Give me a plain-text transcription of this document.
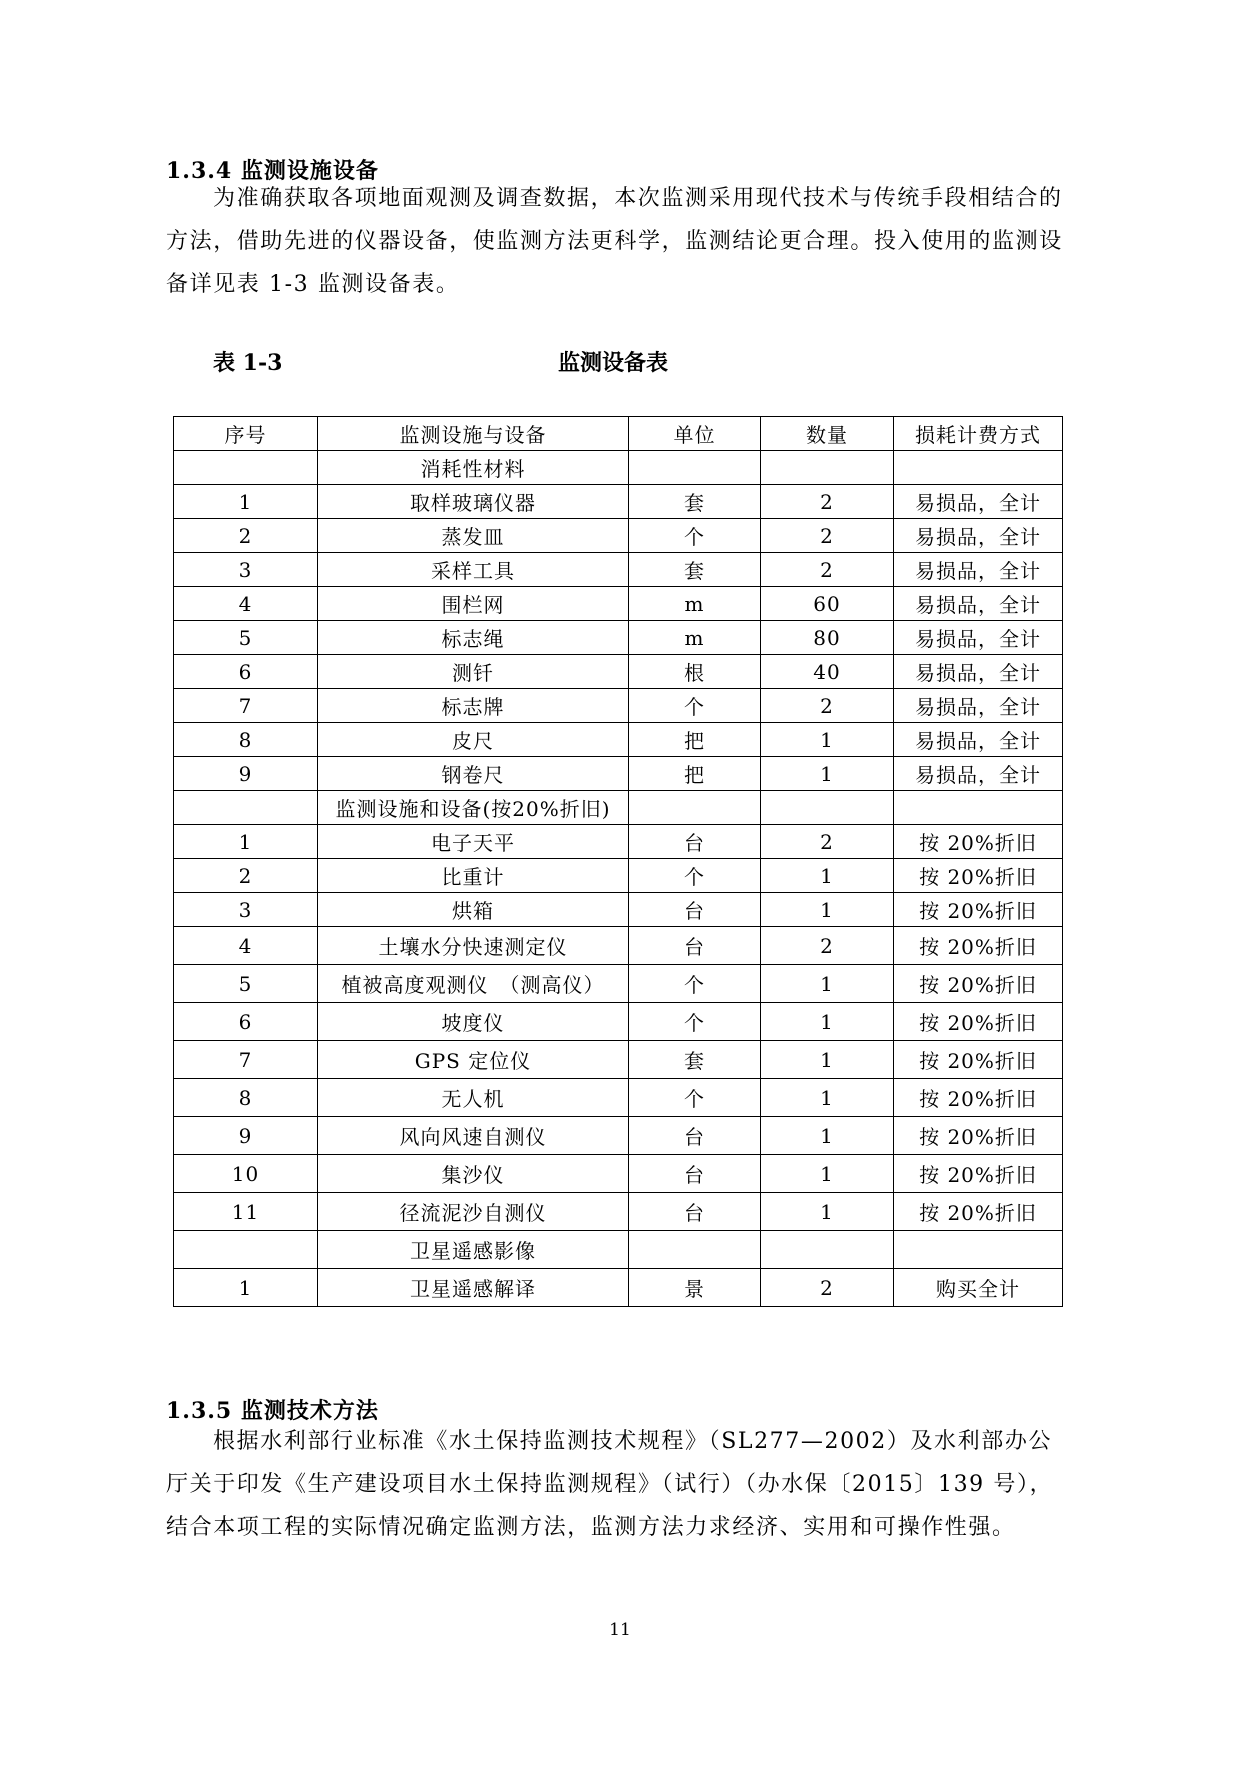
1.3.4 监测设施设备
为准确获取各项地面观测及调查数据，本次监测采用现代技术与传统手段相结合的方法，借助先进的仪器设备，使监测方法更科学，监测结论更合理。投入使用的监测设备详见表 1-3 监测设备表。
表 1-3	监测设备表
序号	监测设施与设备	单位	数量	损耗计费方式
	消耗性材料			
1	取样玻璃仪器	套	2	易损品，全计
2	蒸发皿	个	2	易损品，全计
3	采样工具	套	2	易损品，全计
4	围栏网	m	60	易损品，全计
5	标志绳	m	80	易损品，全计
6	测钎	根	40	易损品，全计
7	标志牌	个	2	易损品，全计
8	皮尺	把	1	易损品，全计
9	钢卷尺	把	1	易损品，全计
	监测设施和设备(按20%折旧)			
1	电子天平	台	2	按 20%折旧
2	比重计	个	1	按 20%折旧
3	烘箱	台	1	按 20%折旧
4	土壤水分快速测定仪	台	2	按 20%折旧
5	植被高度观测仪　（测高仪）	个	1	按 20%折旧
6	坡度仪	个	1	按 20%折旧
7	GPS 定位仪	套	1	按 20%折旧
8	无人机	个	1	按 20%折旧
9	风向风速自测仪	台	1	按 20%折旧
10	集沙仪	台	1	按 20%折旧
11	径流泥沙自测仪	台	1	按 20%折旧
	卫星遥感影像			
1	卫星遥感解译	景	2	购买全计
1.3.5 监测技术方法
根据水利部行业标准《水土保持监测技术规程》（SL277—2002）及水利部办公厅关于印发《生产建设项目水土保持监测规程》（试行）（办水保〔2015〕139 号），结合本项工程的实际情况确定监测方法，监测方法力求经济、实用和可操作性强。
11
